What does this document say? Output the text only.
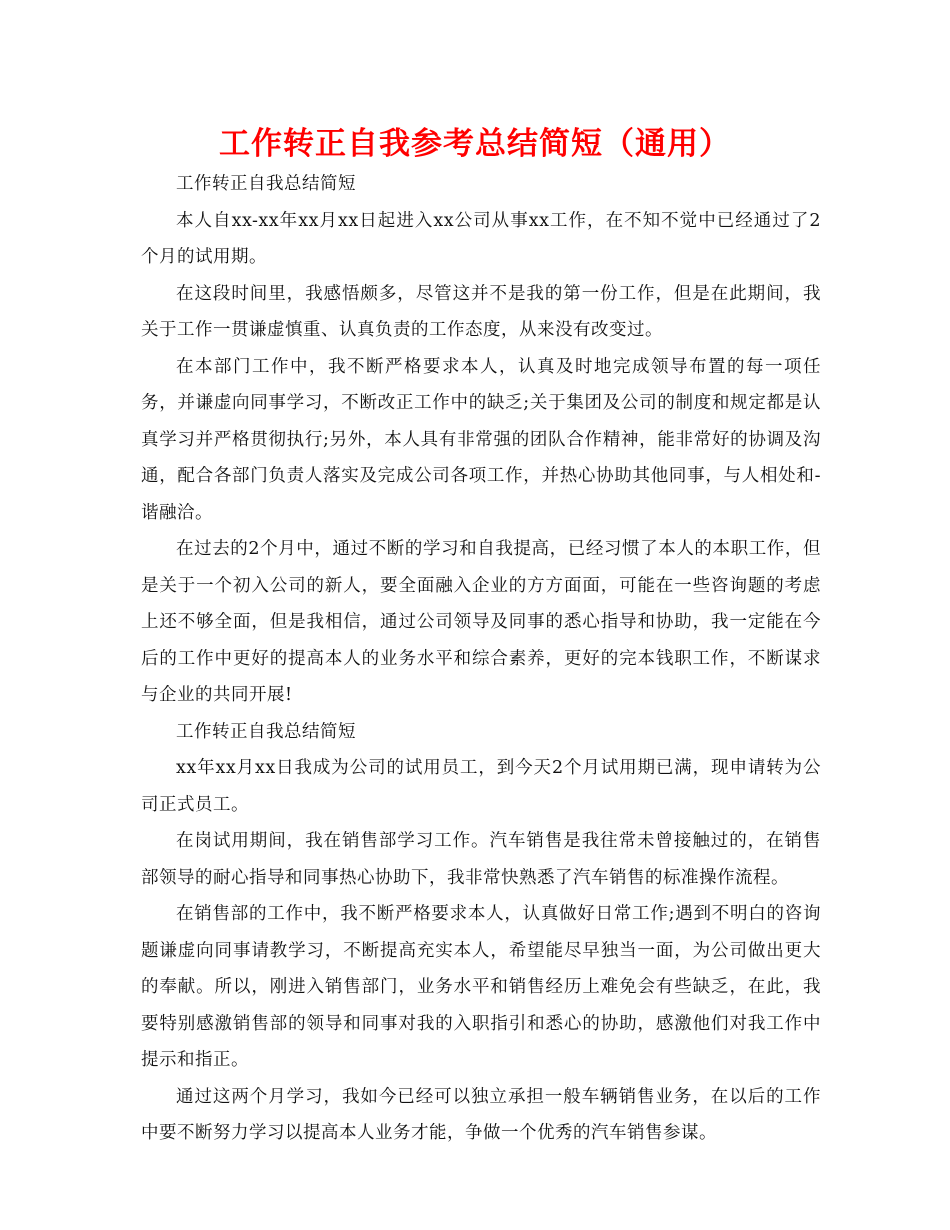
工作转正自我参考总结简短（通用）

工作转正自我总结简短

本人自xx-xx年xx月xx日起进入xx公司从事xx工作，在不知不觉中已经通过了2个月的试用期。

在这段时间里，我感悟颇多，尽管这并不是我的第一份工作，但是在此期间，我关于工作一贯谦虚慎重、认真负责的工作态度，从来没有改变过。

在本部门工作中，我不断严格要求本人，认真及时地完成领导布置的每一项任务，并谦虚向同事学习，不断改正工作中的缺乏;关于集团及公司的制度和规定都是认真学习并严格贯彻执行;另外，本人具有非常强的团队合作精神，能非常好的协调及沟通，配合各部门负责人落实及完成公司各项工作，并热心协助其他同事，与人相处和-谐融洽。

在过去的2个月中，通过不断的学习和自我提高，已经习惯了本人的本职工作，但是关于一个初入公司的新人，要全面融入企业的方方面面，可能在一些咨询题的考虑上还不够全面，但是我相信，通过公司领导及同事的悉心指导和协助，我一定能在今后的工作中更好的提高本人的业务水平和综合素养，更好的完本钱职工作，不断谋求与企业的共同开展!

工作转正自我总结简短

xx年xx月xx日我成为公司的试用员工，到今天2个月试用期已满，现申请转为公司正式员工。

在岗试用期间，我在销售部学习工作。汽车销售是我往常未曾接触过的，在销售部领导的耐心指导和同事热心协助下，我非常快熟悉了汽车销售的标准操作流程。

在销售部的工作中，我不断严格要求本人，认真做好日常工作;遇到不明白的咨询题谦虚向同事请教学习，不断提高充实本人，希望能尽早独当一面，为公司做出更大的奉献。所以，刚进入销售部门，业务水平和销售经历上难免会有些缺乏，在此，我要特别感激销售部的领导和同事对我的入职指引和悉心的协助，感激他们对我工作中提示和指正。

通过这两个月学习，我如今已经可以独立承担一般车辆销售业务，在以后的工作中要不断努力学习以提高本人业务才能，争做一个优秀的汽车销售参谋。
